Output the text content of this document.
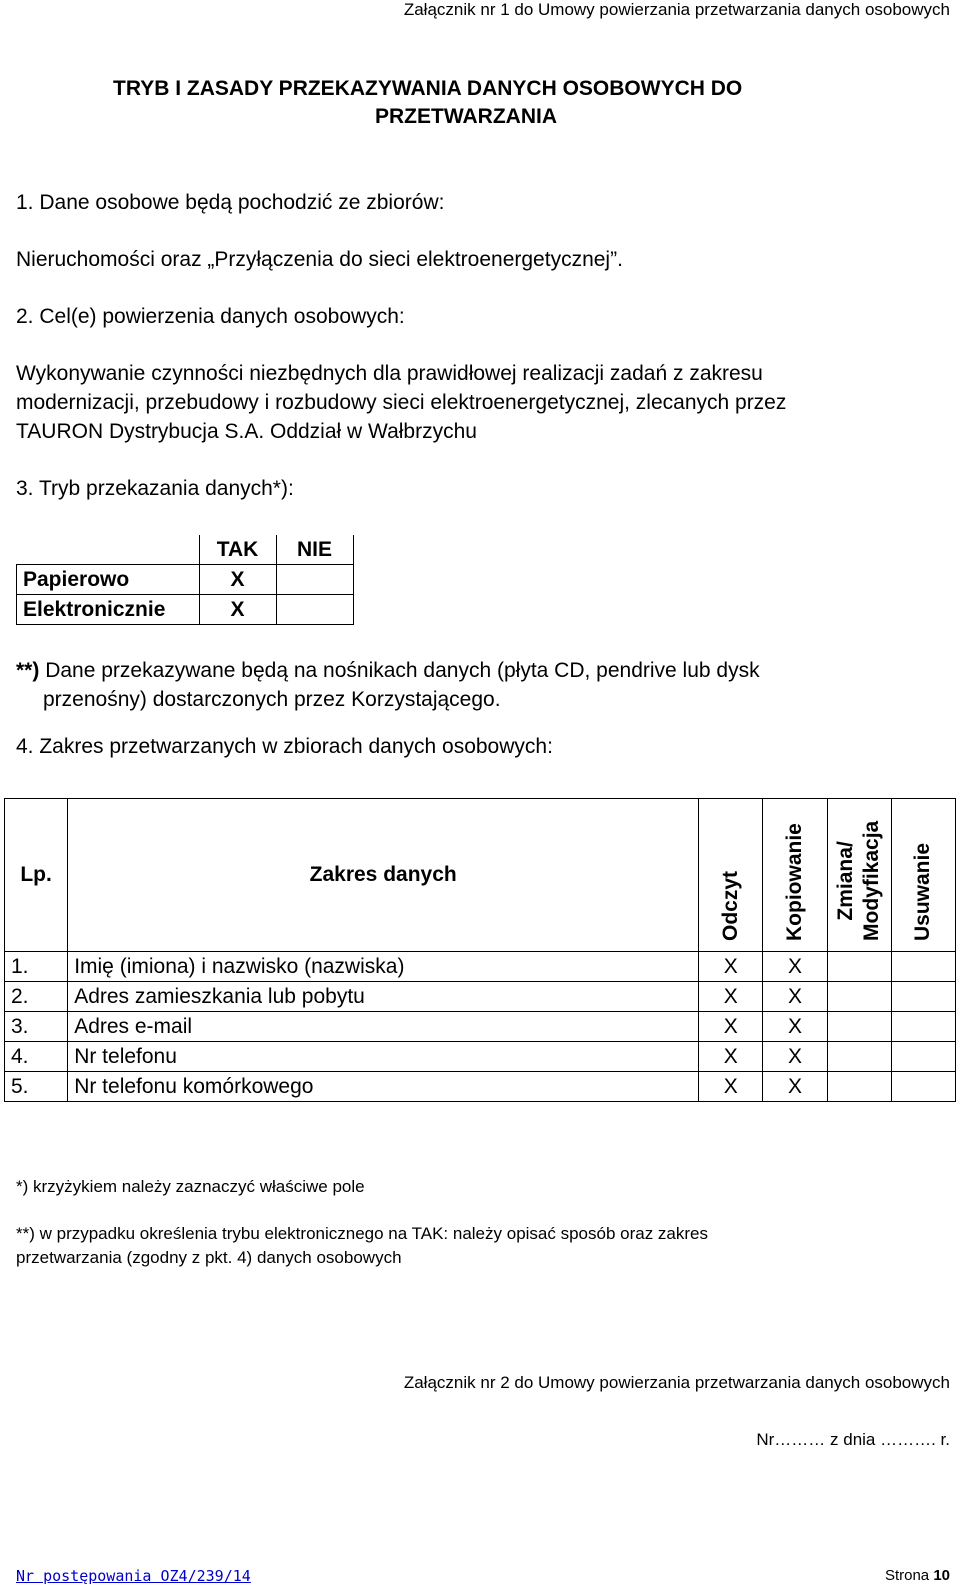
Załącznik nr 1 do Umowy powierzania przetwarzania danych osobowych
TRYB I ZASADY PRZEKAZYWANIA DANYCH OSOBOWYCH DO
PRZETWARZANIA
1. Dane osobowe będą pochodzić ze zbiorów:
Nieruchomości oraz „Przyłączenia do sieci elektroenergetycznej”.
2. Cel(e) powierzenia danych osobowych:
Wykonywanie czynności niezbędnych dla prawidłowej realizacji zadań z zakresu
modernizacji, przebudowy i rozbudowy sieci elektroenergetycznej, zlecanych przez
TAURON Dystrybucja S.A. Oddział w Wałbrzychu
3. Tryb przekazania danych*):
	TAK	NIE
Papierowo	X	
Elektronicznie	X	
**) Dane przekazywane będą na nośnikach danych (płyta CD, pendrive lub dysk
przenośny) dostarczonych przez Korzystającego.
4. Zakres przetwarzanych w zbiorach danych osobowych:
Lp.	Zakres danych	Odczyt	Kopiowanie	Zmiana/ Modyfikacja	Usuwanie

1.	Imię (imiona) i nazwisko (nazwiska)	X	X		
2.	Adres zamieszkania lub pobytu	X	X		
3.	Adres e-mail	X	X		
4.	Nr telefonu	X	X		
5.	Nr telefonu komórkowego	X	X		
*) krzyżykiem należy zaznaczyć właściwe pole
**) w przypadku określenia trybu elektronicznego na TAK: należy opisać sposób oraz zakres
przetwarzania (zgodny z pkt. 4) danych osobowych
Załącznik nr 2 do Umowy powierzania przetwarzania danych osobowych
Nr……… z dnia ………. r.
Nr postępowania OZ4/239/14	Strona 10
